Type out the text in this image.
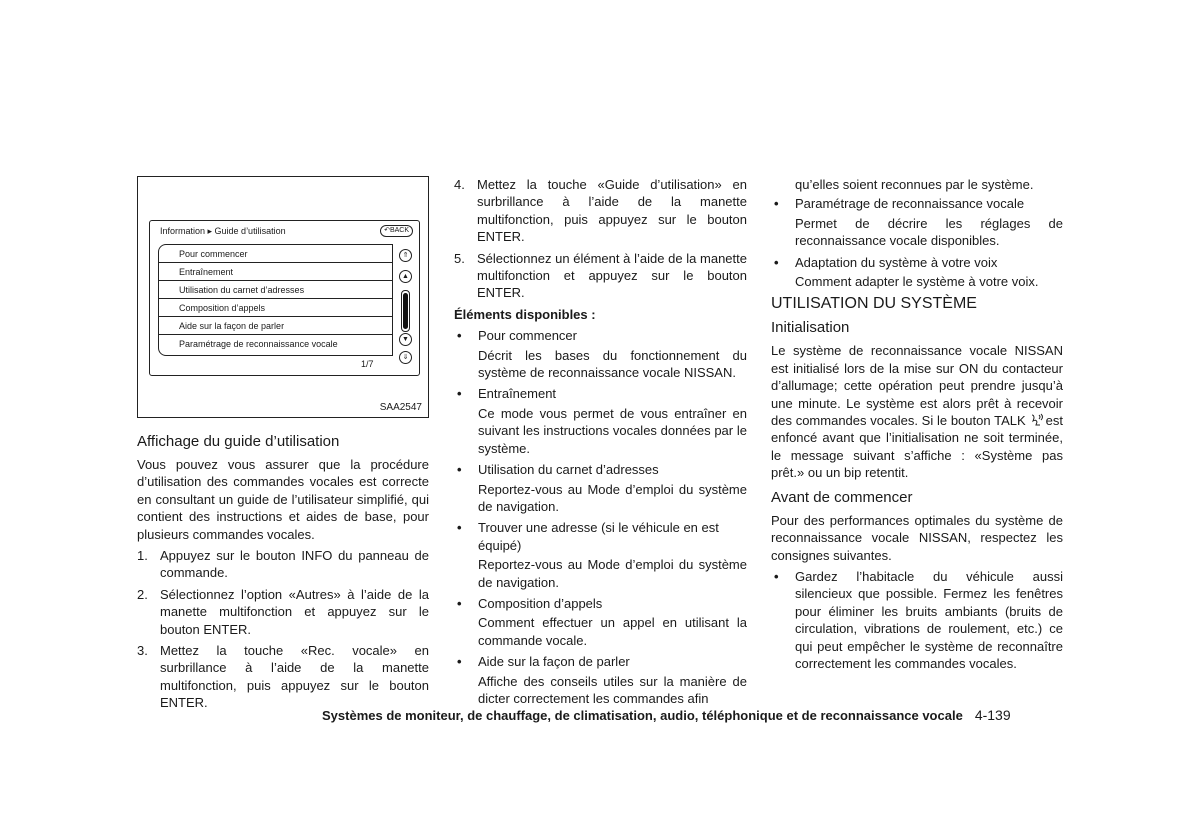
Information ▸ Guide d’utilisation	↶BACK
Pour commencer
Entraînement
Utilisation du carnet d’adresses
Composition d’appels
Aide sur la façon de parler
Paramétrage de reconnaissance vocale
⇑
▲
▼
⇓
1/7
SAA2547
Affichage du guide d’utilisation

Vous pouvez vous assurer que la procédure d’utilisation des commandes vocales est correcte en consultant un guide de l’utilisateur simplifié, qui contient des instructions et aides de base, pour plusieurs commandes vocales.

1. Appuyez sur le bouton INFO du panneau de commande.
2. Sélectionnez l’option «Autres» à l’aide de la manette multifonction et appuyez sur le bouton ENTER.
3. Mettez la touche «Rec. vocale» en surbrillance à l’aide de la manette multifonction, puis appuyez sur le bouton ENTER.
4. Mettez la touche «Guide d’utilisation» en surbrillance à l’aide de la manette multifonction, puis appuyez sur le bouton ENTER.
5. Sélectionnez un élément à l’aide de la manette multifonction et appuyez sur le bouton ENTER.
Éléments disponibles :
• Pour commencer
Décrit les bases du fonctionnement du système de reconnaissance vocale NISSAN.
• Entraînement
Ce mode vous permet de vous entraîner en suivant les instructions vocales données par le système.
• Utilisation du carnet d’adresses
Reportez-vous au Mode d’emploi du système de navigation.
• Trouver une adresse (si le véhicule en est équipé)
Reportez-vous au Mode d’emploi du système de navigation.
• Composition d’appels
Comment effectuer un appel en utilisant la commande vocale.
• Aide sur la façon de parler
Affiche des conseils utiles sur la manière de dicter correctement les commandes afin

qu’elles soient reconnues par le système.

• Paramétrage de reconnaissance vocale
Permet de décrire les réglages de reconnaissance vocale disponibles.
• Adaptation du système à votre voix
Comment adapter le système à votre voix.
UTILISATION DU SYSTÈME
Initialisation

Le système de reconnaissance vocale NISSAN est initialisé lors de la mise sur ON du contacteur d’allumage; cette opération peut prendre jusqu’à une minute. Le système est alors prêt à recevoir des commandes vocales. Si le bouton TALK est enfoncé avant que l’initialisation ne soit terminée, le message suivant s’affiche : «Système pas prêt.» ou un bip retentit.

Avant de commencer

Pour des performances optimales du système de reconnaissance vocale NISSAN, respectez les consignes suivantes.

• Gardez l’habitacle du véhicule aussi silencieux que possible. Fermez les fenêtres pour éliminer les bruits ambiants (bruits de circulation, vibrations de roulement, etc.) ce qui peut empêcher le système de reconnaître correctement les commandes vocales.
Systèmes de moniteur, de chauffage, de climatisation, audio, téléphonique et de reconnaissance vocale 4-139
